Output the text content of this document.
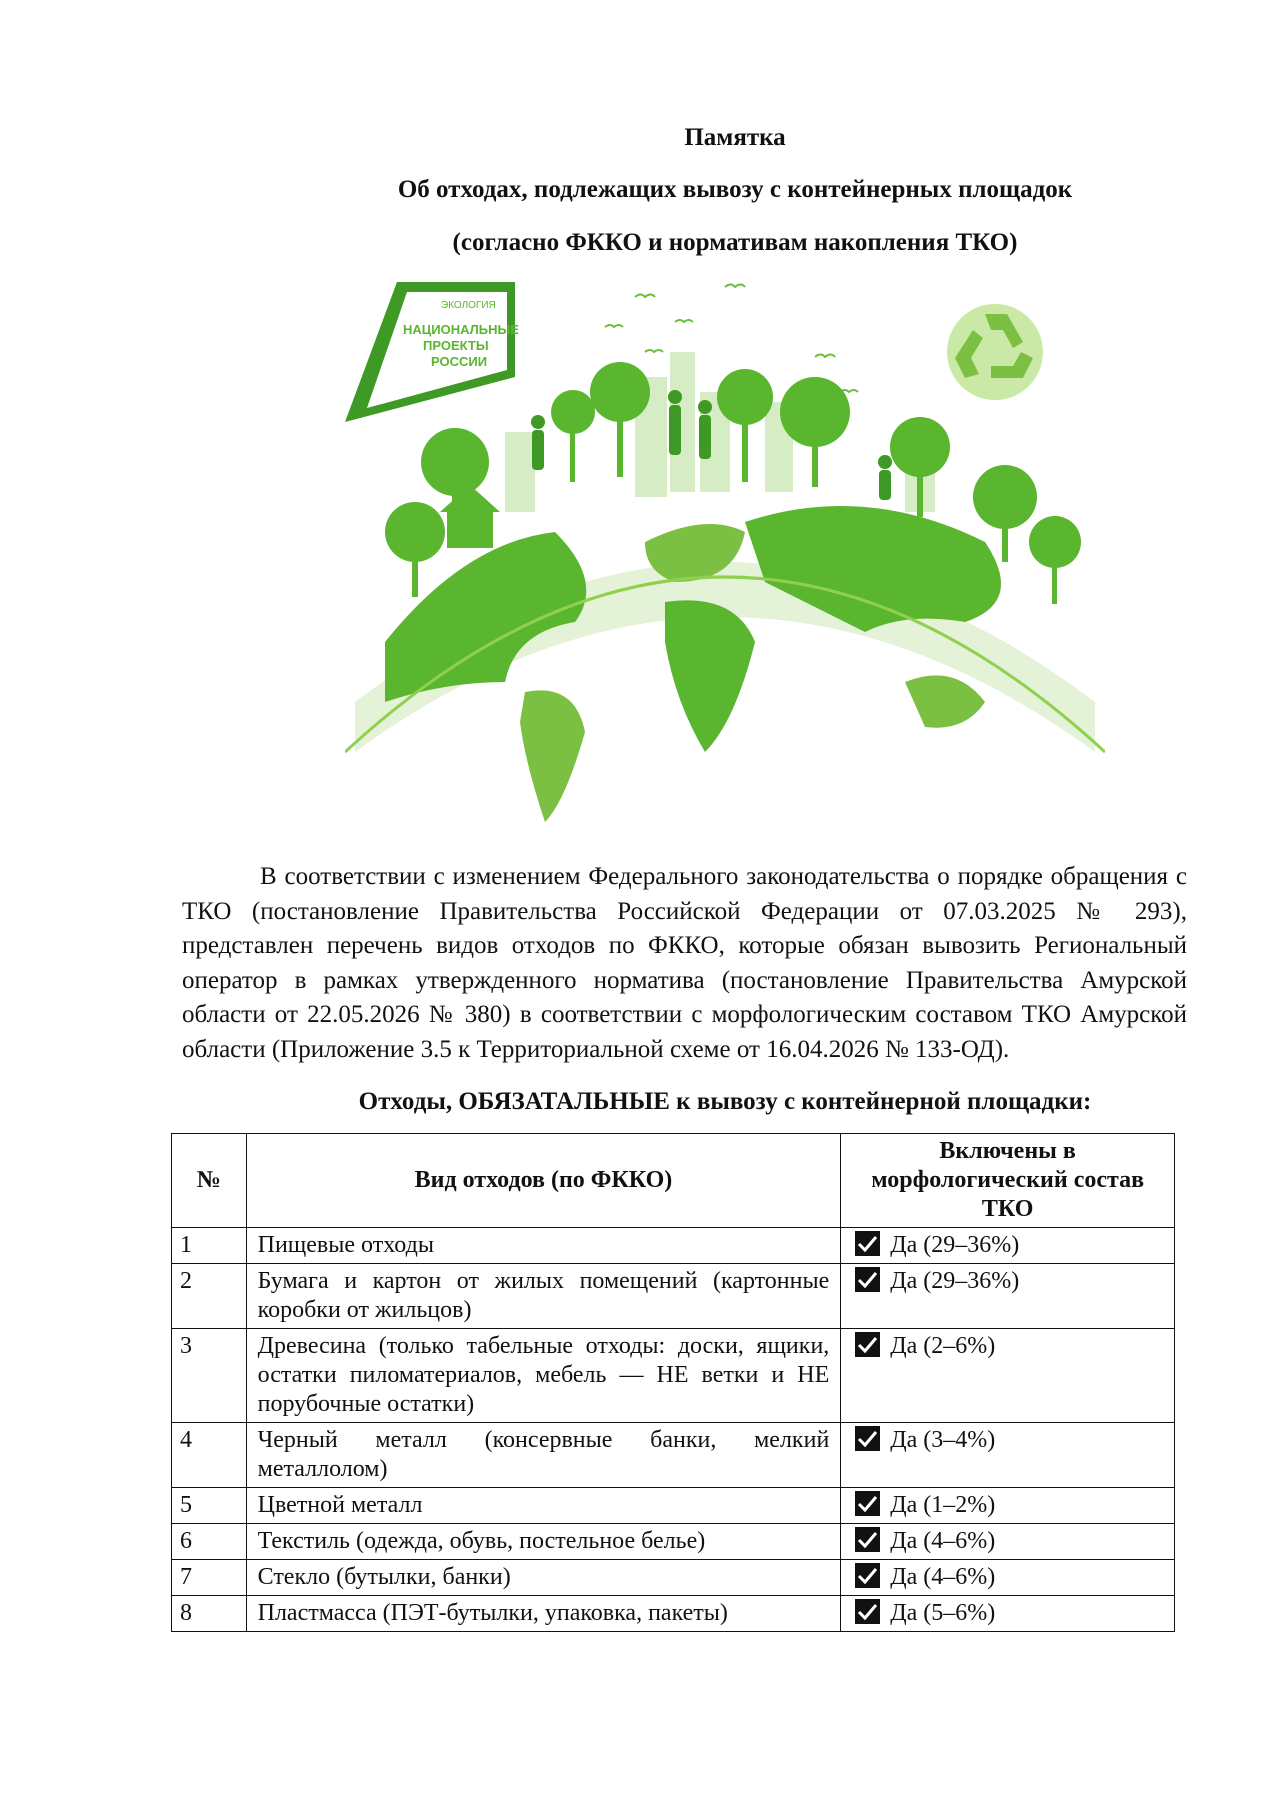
Памятка
Об отходах, подлежащих вывозу с контейнерных площадок
(согласно ФККО и нормативам накопления ТКО)
ЭКОЛОГИЯ
НАЦИОНАЛЬНЫЕ
ПРОЕКТЫ
РОССИИ
В соответствии с изменением Федерального законодательства о порядке обращения с ТКО (постановление Правительства Российской Федерации от 07.03.2025 № 293), представлен перечень видов отходов по ФККО, которые обязан вывозить Региональный оператор в рамках утвержденного норматива (постановление Правительства Амурской области от 22.05.2026 № 380) в соответствии с морфологическим составом ТКО Амурской области (Приложение 3.5 к Территориальной схеме от 16.04.2026 № 133-ОД).
Отходы, ОБЯЗАТАЛЬНЫЕ к вывозу с контейнерной площадки:
№	Вид отходов (по ФККО)	Включены в морфологический состав ТКО
1	Пищевые отходы	Да (29–36%)
2	Бумага и картон от жилых помещений (картонные коробки от жильцов)	Да (29–36%)
3	Древесина (только табельные отходы: доски, ящики, остатки пиломатериалов, мебель — НЕ ветки и НЕ порубочные остатки)	Да (2–6%)
4	Черный металл (консервные банки, мелкий металлолом)	Да (3–4%)
5	Цветной металл	Да (1–2%)
6	Текстиль (одежда, обувь, постельное белье)	Да (4–6%)
7	Стекло (бутылки, банки)	Да (4–6%)
8	Пластмасса (ПЭТ-бутылки, упаковка, пакеты)	Да (5–6%)
